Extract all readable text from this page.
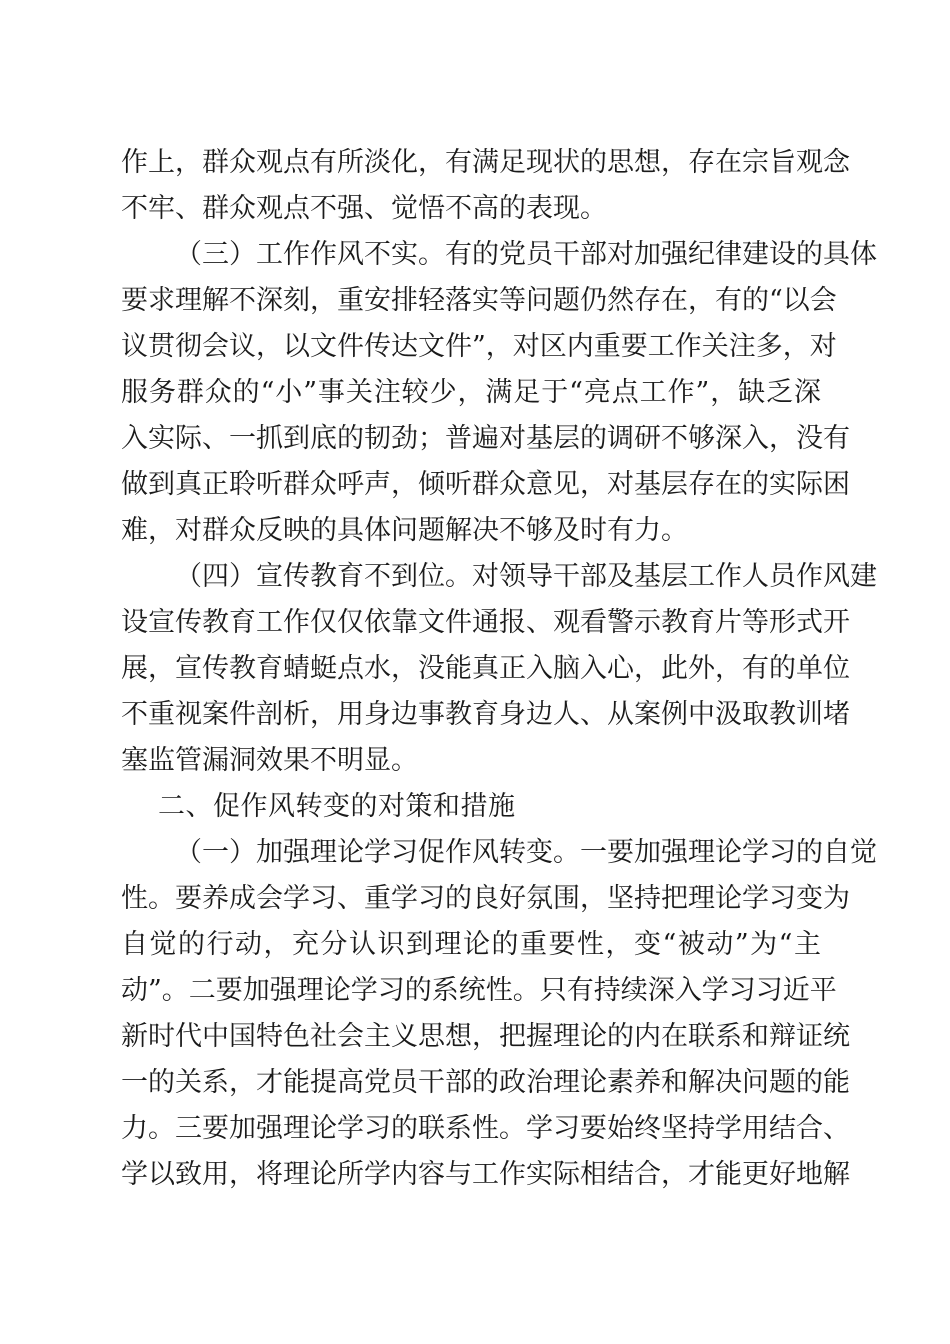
作上，群众观点有所淡化，有满足现状的思想，存在宗旨观念
不牢、群众观点不强、觉悟不高的表现。
（三）工作作风不实。有的党员干部对加强纪律建设的具体
要求理解不深刻，重安排轻落实等问题仍然存在，有的“以会
议贯彻会议，以文件传达文件”，对区内重要工作关注多，对
服务群众的“小”事关注较少，满足于“亮点工作”，缺乏深
入实际、一抓到底的韧劲；普遍对基层的调研不够深入，没有
做到真正聆听群众呼声，倾听群众意见，对基层存在的实际困
难，对群众反映的具体问题解决不够及时有力。
（四）宣传教育不到位。对领导干部及基层工作人员作风建
设宣传教育工作仅仅依靠文件通报、观看警示教育片等形式开
展，宣传教育蜻蜓点水，没能真正入脑入心，此外，有的单位
不重视案件剖析，用身边事教育身边人、从案例中汲取教训堵
塞监管漏洞效果不明显。
二、促作风转变的对策和措施
（一）加强理论学习促作风转变。一要加强理论学习的自觉
性。要养成会学习、重学习的良好氛围，坚持把理论学习变为
自觉的行动，充分认识到理论的重要性，变“被动”为“主
动”。二要加强理论学习的系统性。只有持续深入学习习近平
新时代中国特色社会主义思想，把握理论的内在联系和辩证统
一的关系，才能提高党员干部的政治理论素养和解决问题的能
力。三要加强理论学习的联系性。学习要始终坚持学用结合、
学以致用，将理论所学内容与工作实际相结合，才能更好地解
